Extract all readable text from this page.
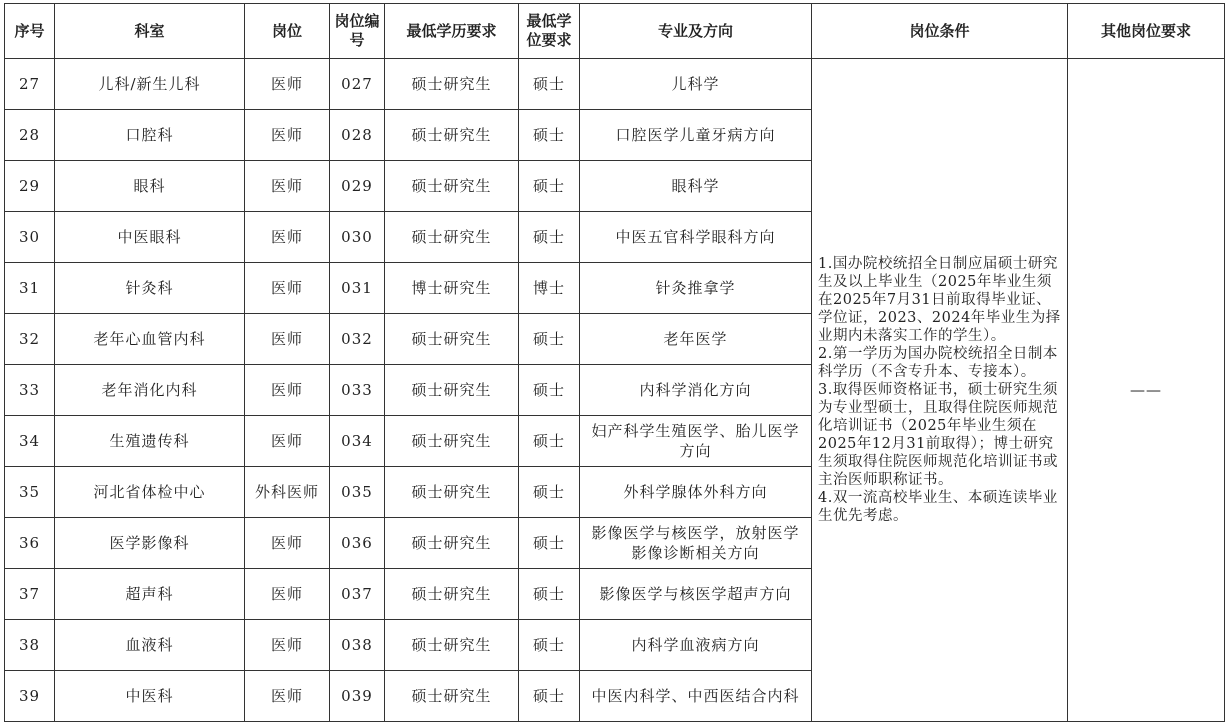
序号	科室	岗位	岗位编号	最低学历要求	最低学位要求	专业及方向	岗位条件	其他岗位要求
27	儿科/新生儿科	医师	027	硕士研究生	硕士	儿科学	1.国办院校统招全日制应届硕士研究生及以上毕业生（2025年毕业生须在2025年7月31日前取得毕业证、学位证，2023、2024年毕业生为择业期内未落实工作的学生）。
2.第一学历为国办院校统招全日制本科学历（不含专升本、专接本）。
3.取得医师资格证书，硕士研究生须为专业型硕士，且取得住院医师规范化培训证书（2025年毕业生须在2025年12月31前取得）；博士研究生须取得住院医师规范化培训证书或主治医师职称证书。
4.双一流高校毕业生、本硕连读毕业生优先考虑。	——
28	口腔科	医师	028	硕士研究生	硕士	口腔医学儿童牙病方向		
29	眼科	医师	029	硕士研究生	硕士	眼科学		
30	中医眼科	医师	030	硕士研究生	硕士	中医五官科学眼科方向		
31	针灸科	医师	031	博士研究生	博士	针灸推拿学		
32	老年心血管内科	医师	032	硕士研究生	硕士	老年医学		
33	老年消化内科	医师	033	硕士研究生	硕士	内科学消化方向		
34	生殖遗传科	医师	034	硕士研究生	硕士	妇产科学生殖医学、胎儿医学方向		
35	河北省体检中心	外科医师	035	硕士研究生	硕士	外科学腺体外科方向		
36	医学影像科	医师	036	硕士研究生	硕士	影像医学与核医学，放射医学影像诊断相关方向		
37	超声科	医师	037	硕士研究生	硕士	影像医学与核医学超声方向		
38	血液科	医师	038	硕士研究生	硕士	内科学血液病方向		
39	中医科	医师	039	硕士研究生	硕士	中医内科学、中西医结合内科		
